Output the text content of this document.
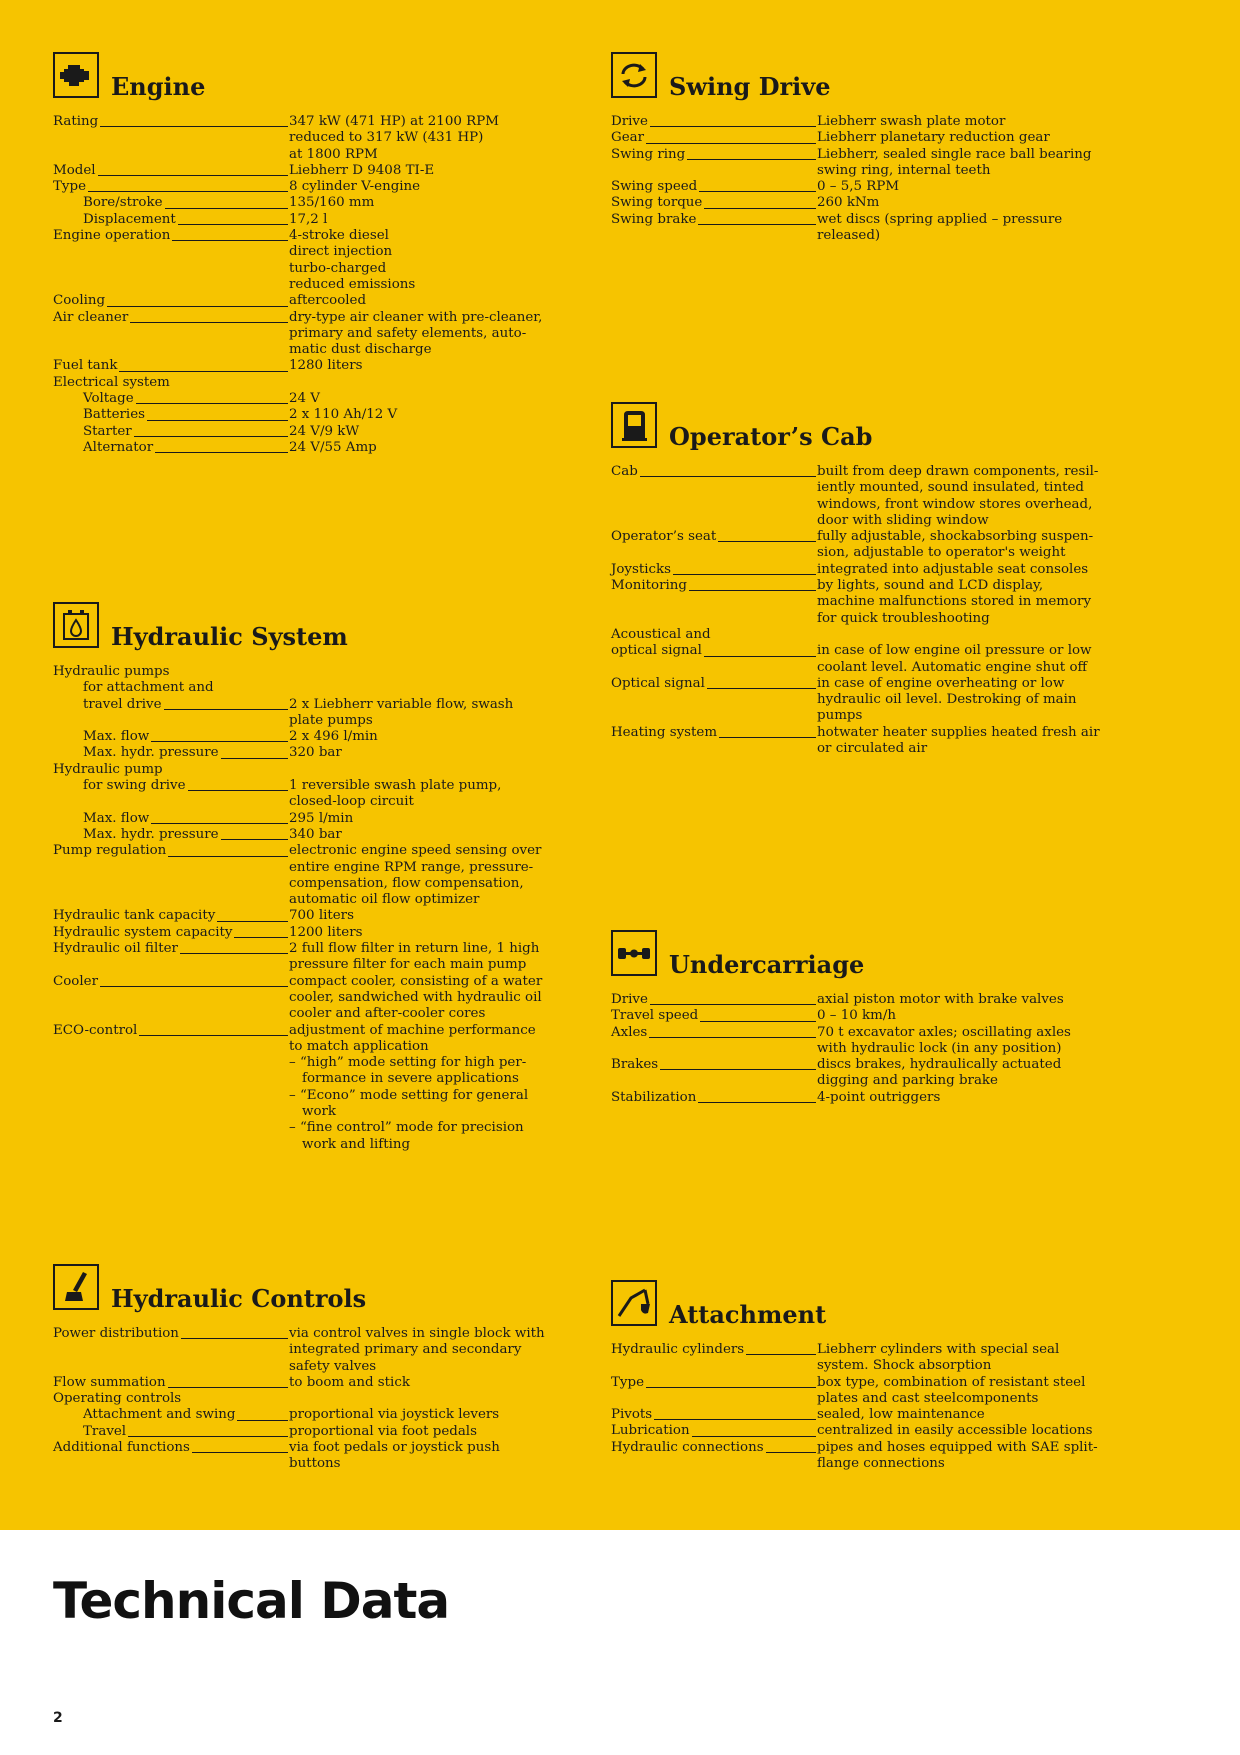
Engine
Rating	347 kW (471 HP) at 2100 RPM
reduced to 317 kW (431 HP)
at 1800 RPM
Model	Liebherr D 9408 TI-E
Type	8 cylinder V-engine
Bore/stroke	135/160 mm
Displacement	17,2 l
Engine operation	4-stroke diesel
direct injection
turbo-charged
reduced emissions
Cooling	aftercooled
Air cleaner	dry-type air cleaner with pre-cleaner,
primary and safety elements, auto-
matic dust discharge
Fuel tank	1280 liters
Electrical system
Voltage	24 V
Batteries	2 x 110 Ah/12 V
Starter	24 V/9 kW
Alternator	24 V/55 Amp
Hydraulic System
Hydraulic pumps
for attachment and
travel drive	2 x Liebherr variable flow, swash
plate pumps
Max. flow	2 x 496 l/min
Max. hydr. pressure	320 bar
Hydraulic pump
for swing drive	1 reversible swash plate pump,
closed-loop circuit
Max. flow	295 l/min
Max. hydr. pressure	340 bar
Pump regulation	electronic engine speed sensing over
entire engine RPM range, pressure-
compensation, flow compensation,
automatic oil flow optimizer
Hydraulic tank capacity	700 liters
Hydraulic system capacity	1200 liters
Hydraulic oil filter	2 full flow filter in return line, 1 high
pressure filter for each main pump
Cooler	compact cooler, consisting of a water
cooler, sandwiched with hydraulic oil
cooler and after-cooler cores
ECO-control	adjustment of machine performance
to match application
– “high” mode setting for high per-
formance in severe applications
– “Econo” mode setting for general
work
– “fine control” mode for precision
work and lifting
Hydraulic Controls
Power distribution	via control valves in single block with
integrated primary and secondary
safety valves
Flow summation	to boom and stick
Operating controls
Attachment and swing	proportional via joystick levers
Travel	proportional via foot pedals
Additional functions	via foot pedals or joystick push
buttons
Swing Drive
Drive	Liebherr swash plate motor
Gear	Liebherr planetary reduction gear
Swing ring	Liebherr, sealed single race ball bearing
swing ring, internal teeth
Swing speed	0 – 5,5 RPM
Swing torque	260 kNm
Swing brake	wet discs (spring applied – pressure
released)
Operator’s Cab
Cab	built from deep drawn components, resil-
iently mounted, sound insulated, tinted
windows, front window stores overhead,
door with sliding window
Operator’s seat	fully adjustable, shockabsorbing suspen-
sion, adjustable to operator's weight
Joysticks	integrated into adjustable seat consoles
Monitoring	by lights, sound and LCD display,
machine malfunctions stored in memory
for quick troubleshooting
Acoustical and
optical signal	in case of low engine oil pressure or low
coolant level. Automatic engine shut off
Optical signal	in case of engine overheating or low
hydraulic oil level. Destroking of main
pumps
Heating system	hotwater heater supplies heated fresh air
or circulated air
Undercarriage
Drive	axial piston motor with brake valves
Travel speed	0 – 10 km/h
Axles	70 t excavator axles; oscillating axles
with hydraulic lock (in any position)
Brakes	discs brakes, hydraulically actuated
digging and parking brake
Stabilization	4-point outriggers
Attachment
Hydraulic cylinders	Liebherr cylinders with special seal
system. Shock absorption
Type	box type, combination of resistant steel
plates and cast steelcomponents
Pivots	sealed, low maintenance
Lubrication	centralized in easily accessible locations
Hydraulic connections	pipes and hoses equipped with SAE split-
flange connections
Technical Data
2
